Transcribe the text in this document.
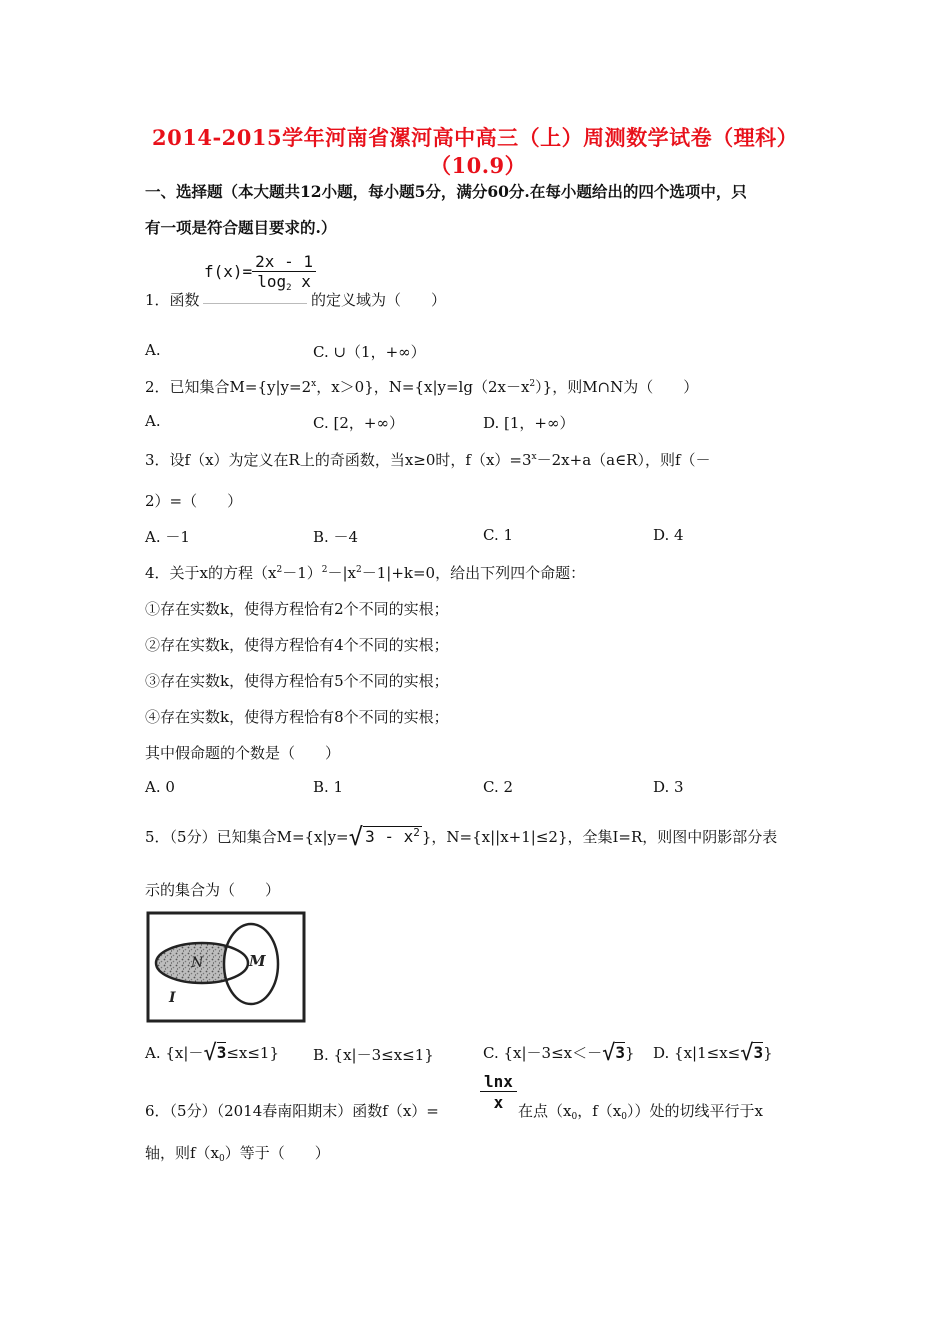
2014-2015学年河南省漯河高中高三（上）周测数学试卷（理科）
（10.9）
一、选择题（本大题共12小题，每小题5分，满分60分.在每小题给出的四个选项中，只
有一项是符合题目要求的.）
$f(x)= \frac{2x - 1}{\log_2 x}$
1．函数	的定义域为（　　）
A.	C. ∪（1，+∞）
2．已知集合$M=\{y|y=2^x$，x＞0}，$N=\{x|y=\lg(2x-x^2)\}$，则M∩N为（　　）
A.	C. [2，+∞）	D. [1，+∞）
3．设f（x）为定义在R上的奇函数，当x≥0时，$f(x)=3^x-2x+a(a\in R)$，则f（－
2）=（　　）
A. －1	B. －4	C. 1	D. 4
4．关于x的方程$(x^2-1)^2-|x^2-1|+k=0$，给出下列四个命题：
①存在实数k，使得方程恰有2个不同的实根；
②存在实数k，使得方程恰有4个不同的实根；
③存在实数k，使得方程恰有5个不同的实根；
④存在实数k，使得方程恰有8个不同的实根；
其中假命题的个数是（　　）
A. 0	B. 1	C. 2	D. 3
5．（5分）已知集合M={x|y=√ $3 - x^2$ }，N={x||x+1|≤2}，全集I=R，则图中阴影部分表
示的集合为（　　）
N	M
I
A. {x|－√3≤x≤1} B. {x|－3≤x≤1}	C. {x|－3≤x＜－√3} D. {x|1≤x≤√3}
$\frac{\ln x}{x}$
6．（5分）（2014春南阳期末）函数f（x）=	在点（$x_0$，$f(x_0)$）处的切线平行于x
轴，则$f(x_0)$等于（　　）
